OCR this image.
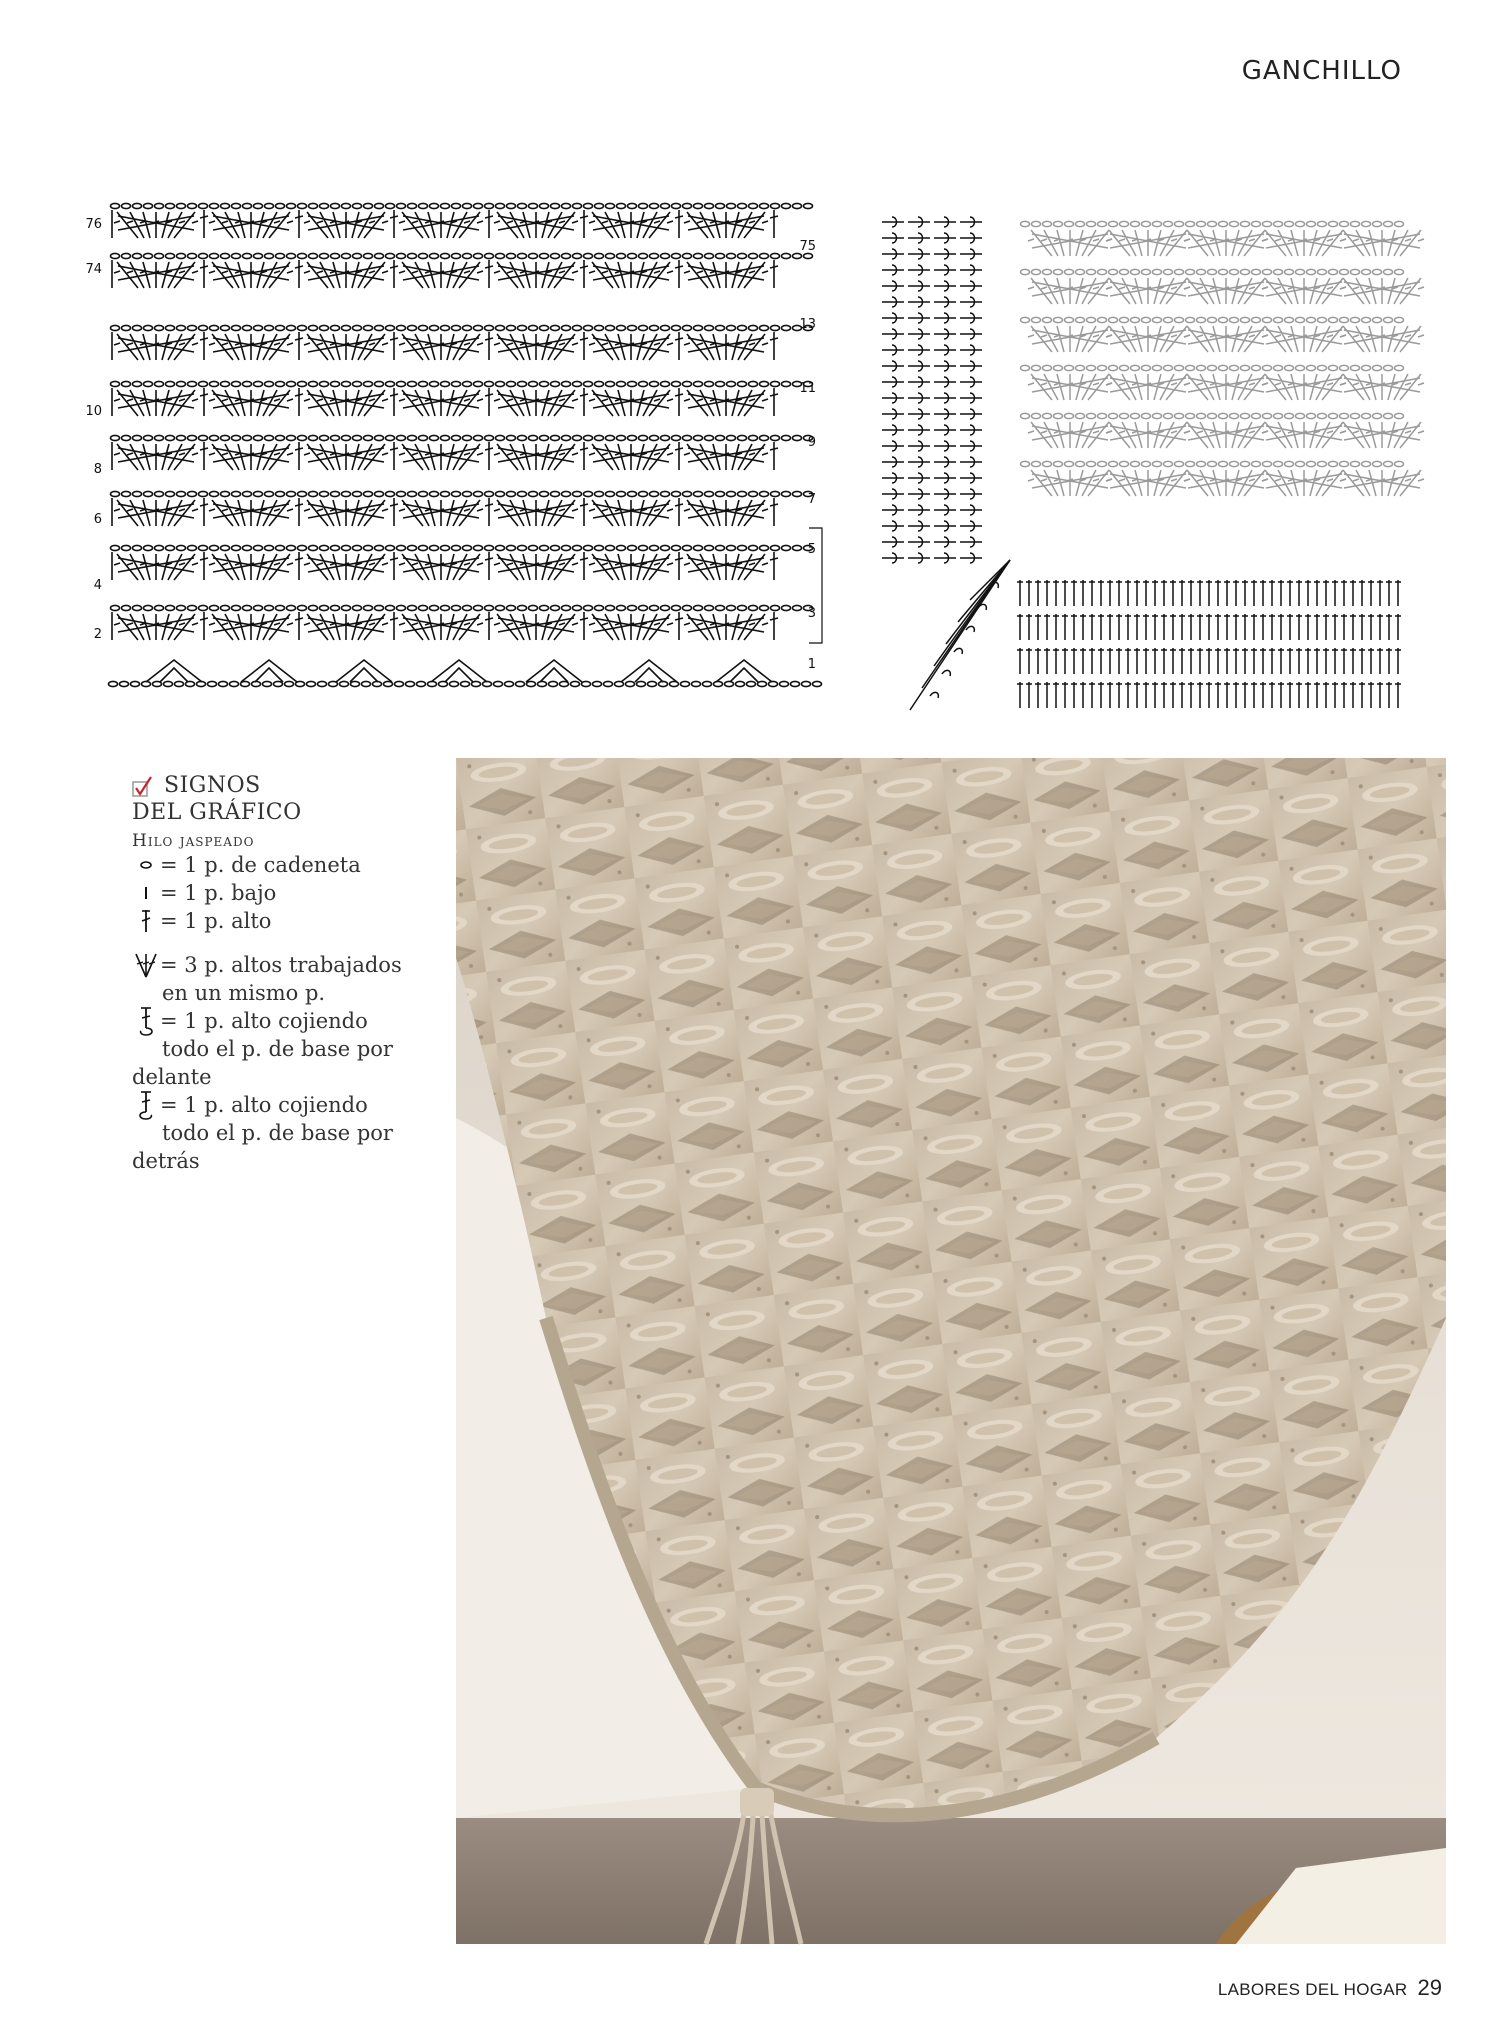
GANCHILLO
76
74
10
8
6
4
2
75
13
11
9
7
5
3
1
SIGNOS
DEL GRÁFICO
Hilo jaspeado
= 1 p. de cadeneta
= 1 p. bajo
= 1 p. alto
= 3 p. altos trabajados
en un mismo p.
= 1 p. alto cojiendo
todo el p. de base por
delante
= 1 p. alto cojiendo
todo el p. de base por
detrás
LABORES DEL HOGAR 29
